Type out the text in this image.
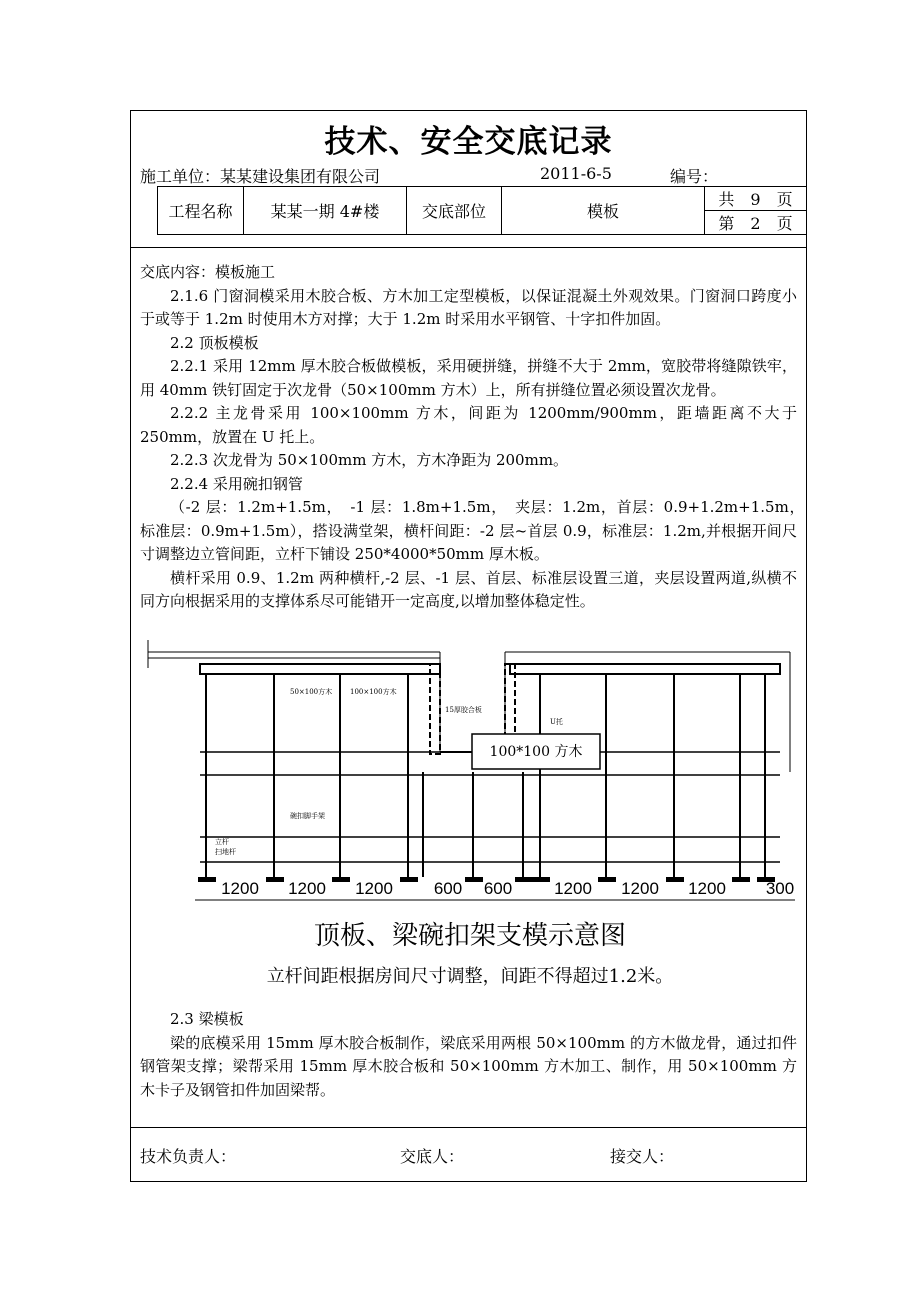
技术、安全交底记录
施工单位：某某建设集团有限公司	2011-6-5	编号：
工程名称	某某一期 4#楼	交底部位	模板	共　9　页
第　2　页

交底内容：模板施工

2.1.6 门窗洞模采用木胶合板、方木加工定型模板，以保证混凝土外观效果。门窗洞口跨度小于或等于 1.2m 时使用木方对撑；大于 1.2m 时采用水平钢管、十字扣件加固。

2.2 顶板模板

2.2.1 采用 12mm 厚木胶合板做模板，采用硬拼缝，拼缝不大于 2mm，宽胶带将缝隙铁牢，用 40mm 铁钉固定于次龙骨（50×100mm 方木）上，所有拼缝位置必须设置次龙骨。

2.2.2 主龙骨采用 100×100mm 方木，间距为 1200mm/900mm，距墙距离不大于 250mm，放置在 U 托上。

2.2.3 次龙骨为 50×100mm 方木，方木净距为 200mm。

2.2.4 采用碗扣钢管

（-2 层：1.2m+1.5m，　-1 层：1.8m+1.5m，　夹层：1.2m，首层：0.9+1.2m+1.5m，　标准层：0.9m+1.5m），搭设满堂架，横杆间距：-2 层~首层 0.9，标准层：1.2m,并根据开间尺寸调整边立管间距，立杆下铺设 250*4000*50mm 厚木板。

横杆采用 0.9、1.2m 两种横杆,-2 层、-1 层、首层、标准层设置三道，夹层设置两道,纵横不同方向根据采用的支撑体系尽可能错开一定高度,以增加整体稳定性。

100*100 方木
50×100方木	100×100方木
15厚胶合板
U托
碗扣脚手架
立杆
扫地杆
1200 1200 1200 600 600 1200 1200 1200 300
顶板、梁碗扣架支模示意图
立杆间距根据房间尺寸调整，间距不得超过1.2米。

2.3 梁模板

梁的底模采用 15mm 厚木胶合板制作，梁底采用两根 50×100mm 的方木做龙骨，通过扣件钢管架支撑；梁帮采用 15mm 厚木胶合板和 50×100mm 方木加工、制作，用 50×100mm 方木卡子及钢管扣件加固梁帮。

技术负责人：	交底人：	接交人：
